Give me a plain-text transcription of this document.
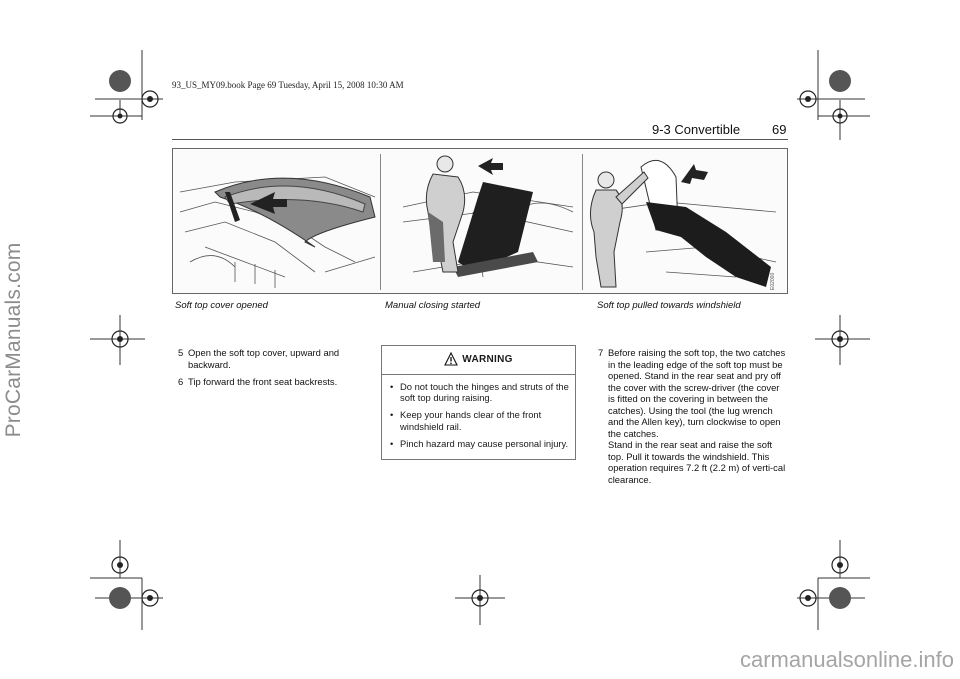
ProCarManuals.com
carmanualsonline.info
93_US_MY09.book Page 69 Tuesday, April 15, 2008 10:30 AM
9-3 Convertible 69
E02000
Soft top cover opened	Manual closing started	Soft top pulled towards windshield
5 Open the soft top cover, upward and backward.
6 Tip forward the front seat backrests.
WARNING
• Do not touch the hinges and struts of the soft top during raising.
• Keep your hands clear of the front windshield rail.
• Pinch hazard may cause personal injury.
7 Before raising the soft top, the two catches in the leading edge of the soft top must be opened. Stand in the rear seat and pry off the cover with the screw-driver (the cover is fitted on the covering in between the catches). Using the tool (the lug wrench and the Allen key), turn clockwise to open the catches.

Stand in the rear seat and raise the soft top. Pull it towards the windshield. This operation requires 7.2 ft (2.2 m) of verti-cal clearance.
